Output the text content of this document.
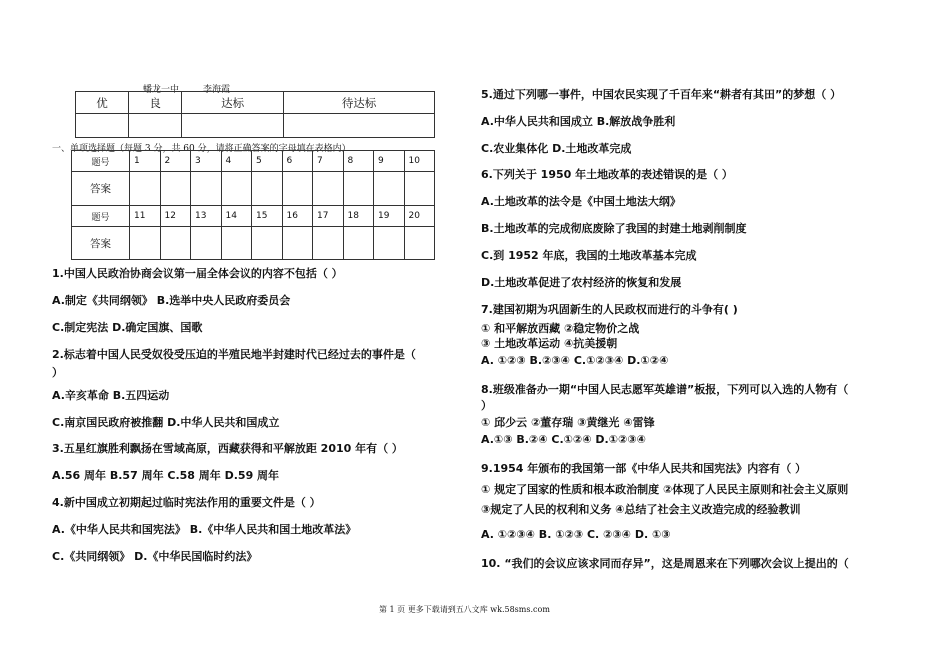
蟠龙一中	李海霞
优	良	达标	待达标

一、单项选择题（每题 3 分，共 60 分，请将正确答案的字母填在表格内）
题号	1	2	3	4	5	6	7	8	9	10
答案										
题号	11	12	13	14	15	16	17	18	19	20
答案										
1.中国人民政治协商会议第一届全体会议的内容不包括（ ）
A.制定《共同纲领》 B.选举中央人民政府委员会
C.制定宪法 D.确定国旗、国歌
2.标志着中国人民受奴役受压迫的半殖民地半封建时代已经过去的事件是（
）
A.辛亥革命 B.五四运动
C.南京国民政府被推翻 D.中华人民共和国成立
3.五星红旗胜利飘扬在雪域高原，西藏获得和平解放距 2010 年有（ ）
A.56 周年 B.57 周年 C.58 周年 D.59 周年
4.新中国成立初期起过临时宪法作用的重要文件是（ ）
A.《中华人民共和国宪法》 B.《中华人民共和国土地改革法》
C.《共同纲领》 D.《中华民国临时约法》
5.通过下列哪一事件，中国农民实现了千百年来“耕者有其田”的梦想（ ）
A.中华人民共和国成立 B.解放战争胜利
C.农业集体化 D.土地改革完成
6.下列关于 1950 年土地改革的表述错误的是（ ）
A.土地改革的法令是《中国土地法大纲》
B.土地改革的完成彻底废除了我国的封建土地剥削制度
C.到 1952 年底，我国的土地改革基本完成
D.土地改革促进了农村经济的恢复和发展
7.建国初期为巩固新生的人民政权而进行的斗争有( )
① 和平解放西藏 ②稳定物价之战
③ 土地改革运动 ④抗美援朝
A. ①②③ B.②③④ C.①②③④ D.①②④
8.班级准备办一期“中国人民志愿军英雄谱”板报，下列可以入选的人物有（
）
① 邱少云 ②董存瑞 ③黄继光 ④雷锋
A.①③ B.②④ C.①②④ D.①②③④
9.1954 年颁布的我国第一部《中华人民共和国宪法》内容有（ ）
① 规定了国家的性质和根本政治制度 ②体现了人民民主原则和社会主义原则
③规定了人民的权利和义务 ④总结了社会主义改造完成的经验教训
A. ①②③④ B. ①②③ C. ②③④ D. ①③
10. “我们的会议应该求同而存异”，这是周恩来在下列哪次会议上提出的（
第 1 页 更多下载请到五八文库 wk.58sms.com
